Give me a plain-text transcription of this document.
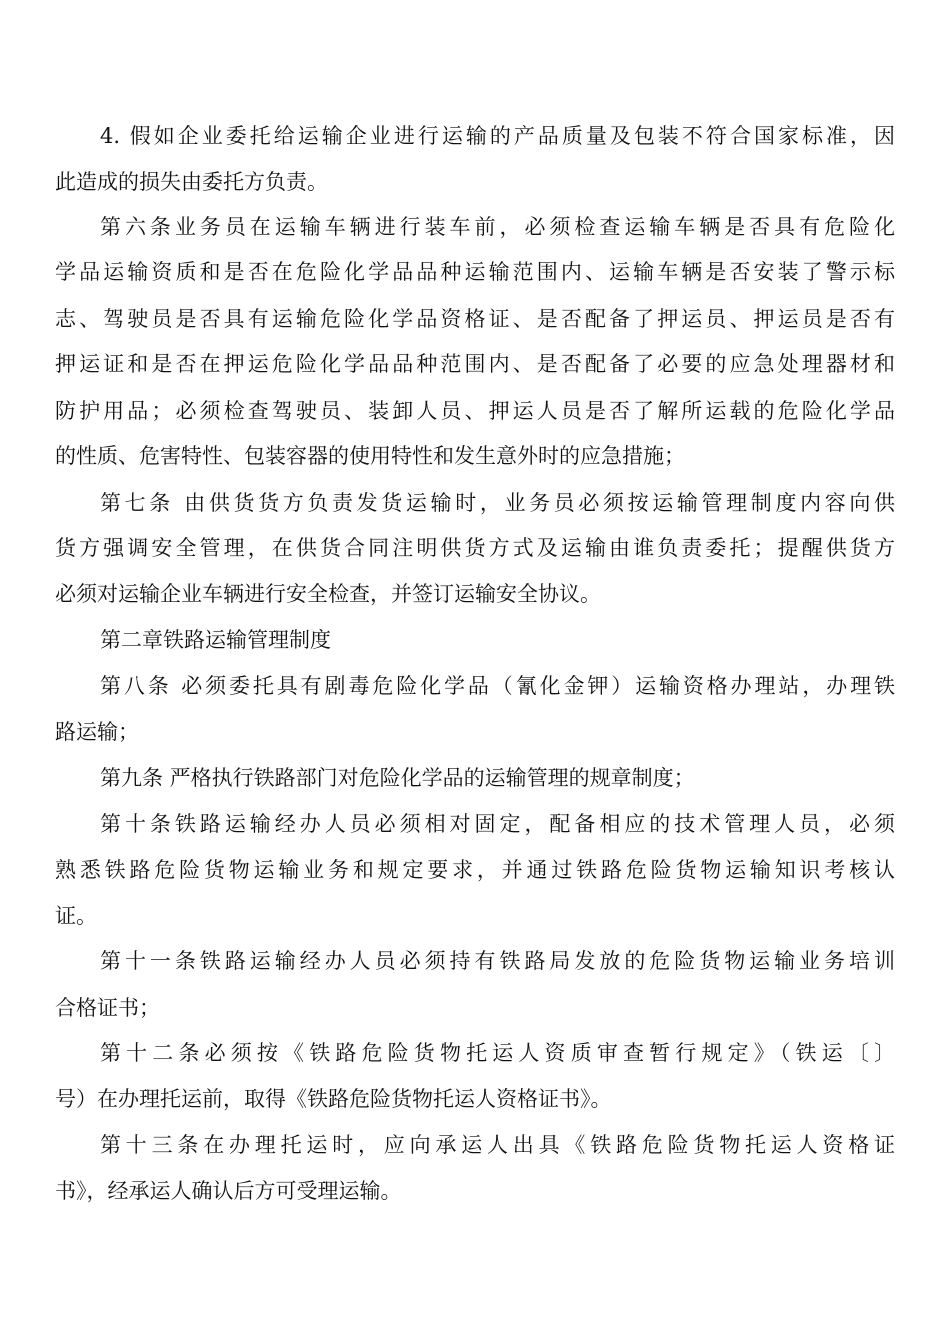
4. 假如企业委托给运输企业进行运输的产品质量及包装不符合国家标准，因
此造成的损失由委托方负责。
第六条业务员在运输车辆进行装车前，必须检查运输车辆是否具有危险化
学品运输资质和是否在危险化学品品种运输范围内、运输车辆是否安装了警示标
志、驾驶员是否具有运输危险化学品资格证、是否配备了押运员、押运员是否有
押运证和是否在押运危险化学品品种范围内、是否配备了必要的应急处理器材和
防护用品；必须检查驾驶员、装卸人员、押运人员是否了解所运载的危险化学品
的性质、危害特性、包装容器的使用特性和发生意外时的应急措施；
第七条 由供货货方负责发货运输时，业务员必须按运输管理制度内容向供
货方强调安全管理，在供货合同注明供货方式及运输由谁负责委托；提醒供货方
必须对运输企业车辆进行安全检查，并签订运输安全协议。
第二章铁路运输管理制度
第八条 必须委托具有剧毒危险化学品（氰化金钾）运输资格办理站，办理铁
路运输；
第九条 严格执行铁路部门对危险化学品的运输管理的规章制度；
第十条铁路运输经办人员必须相对固定，配备相应的技术管理人员，必须
熟悉铁路危险货物运输业务和规定要求，并通过铁路危险货物运输知识考核认
证。
第十一条铁路运输经办人员必须持有铁路局发放的危险货物运输业务培训
合格证书；
第十二条必须按《铁路危险货物托运人资质审查暂行规定》（铁运〔〕
号）在办理托运前，取得《铁路危险货物托运人资格证书》。
第十三条在办理托运时，应向承运人出具《铁路危险货物托运人资格证
书》，经承运人确认后方可受理运输。
